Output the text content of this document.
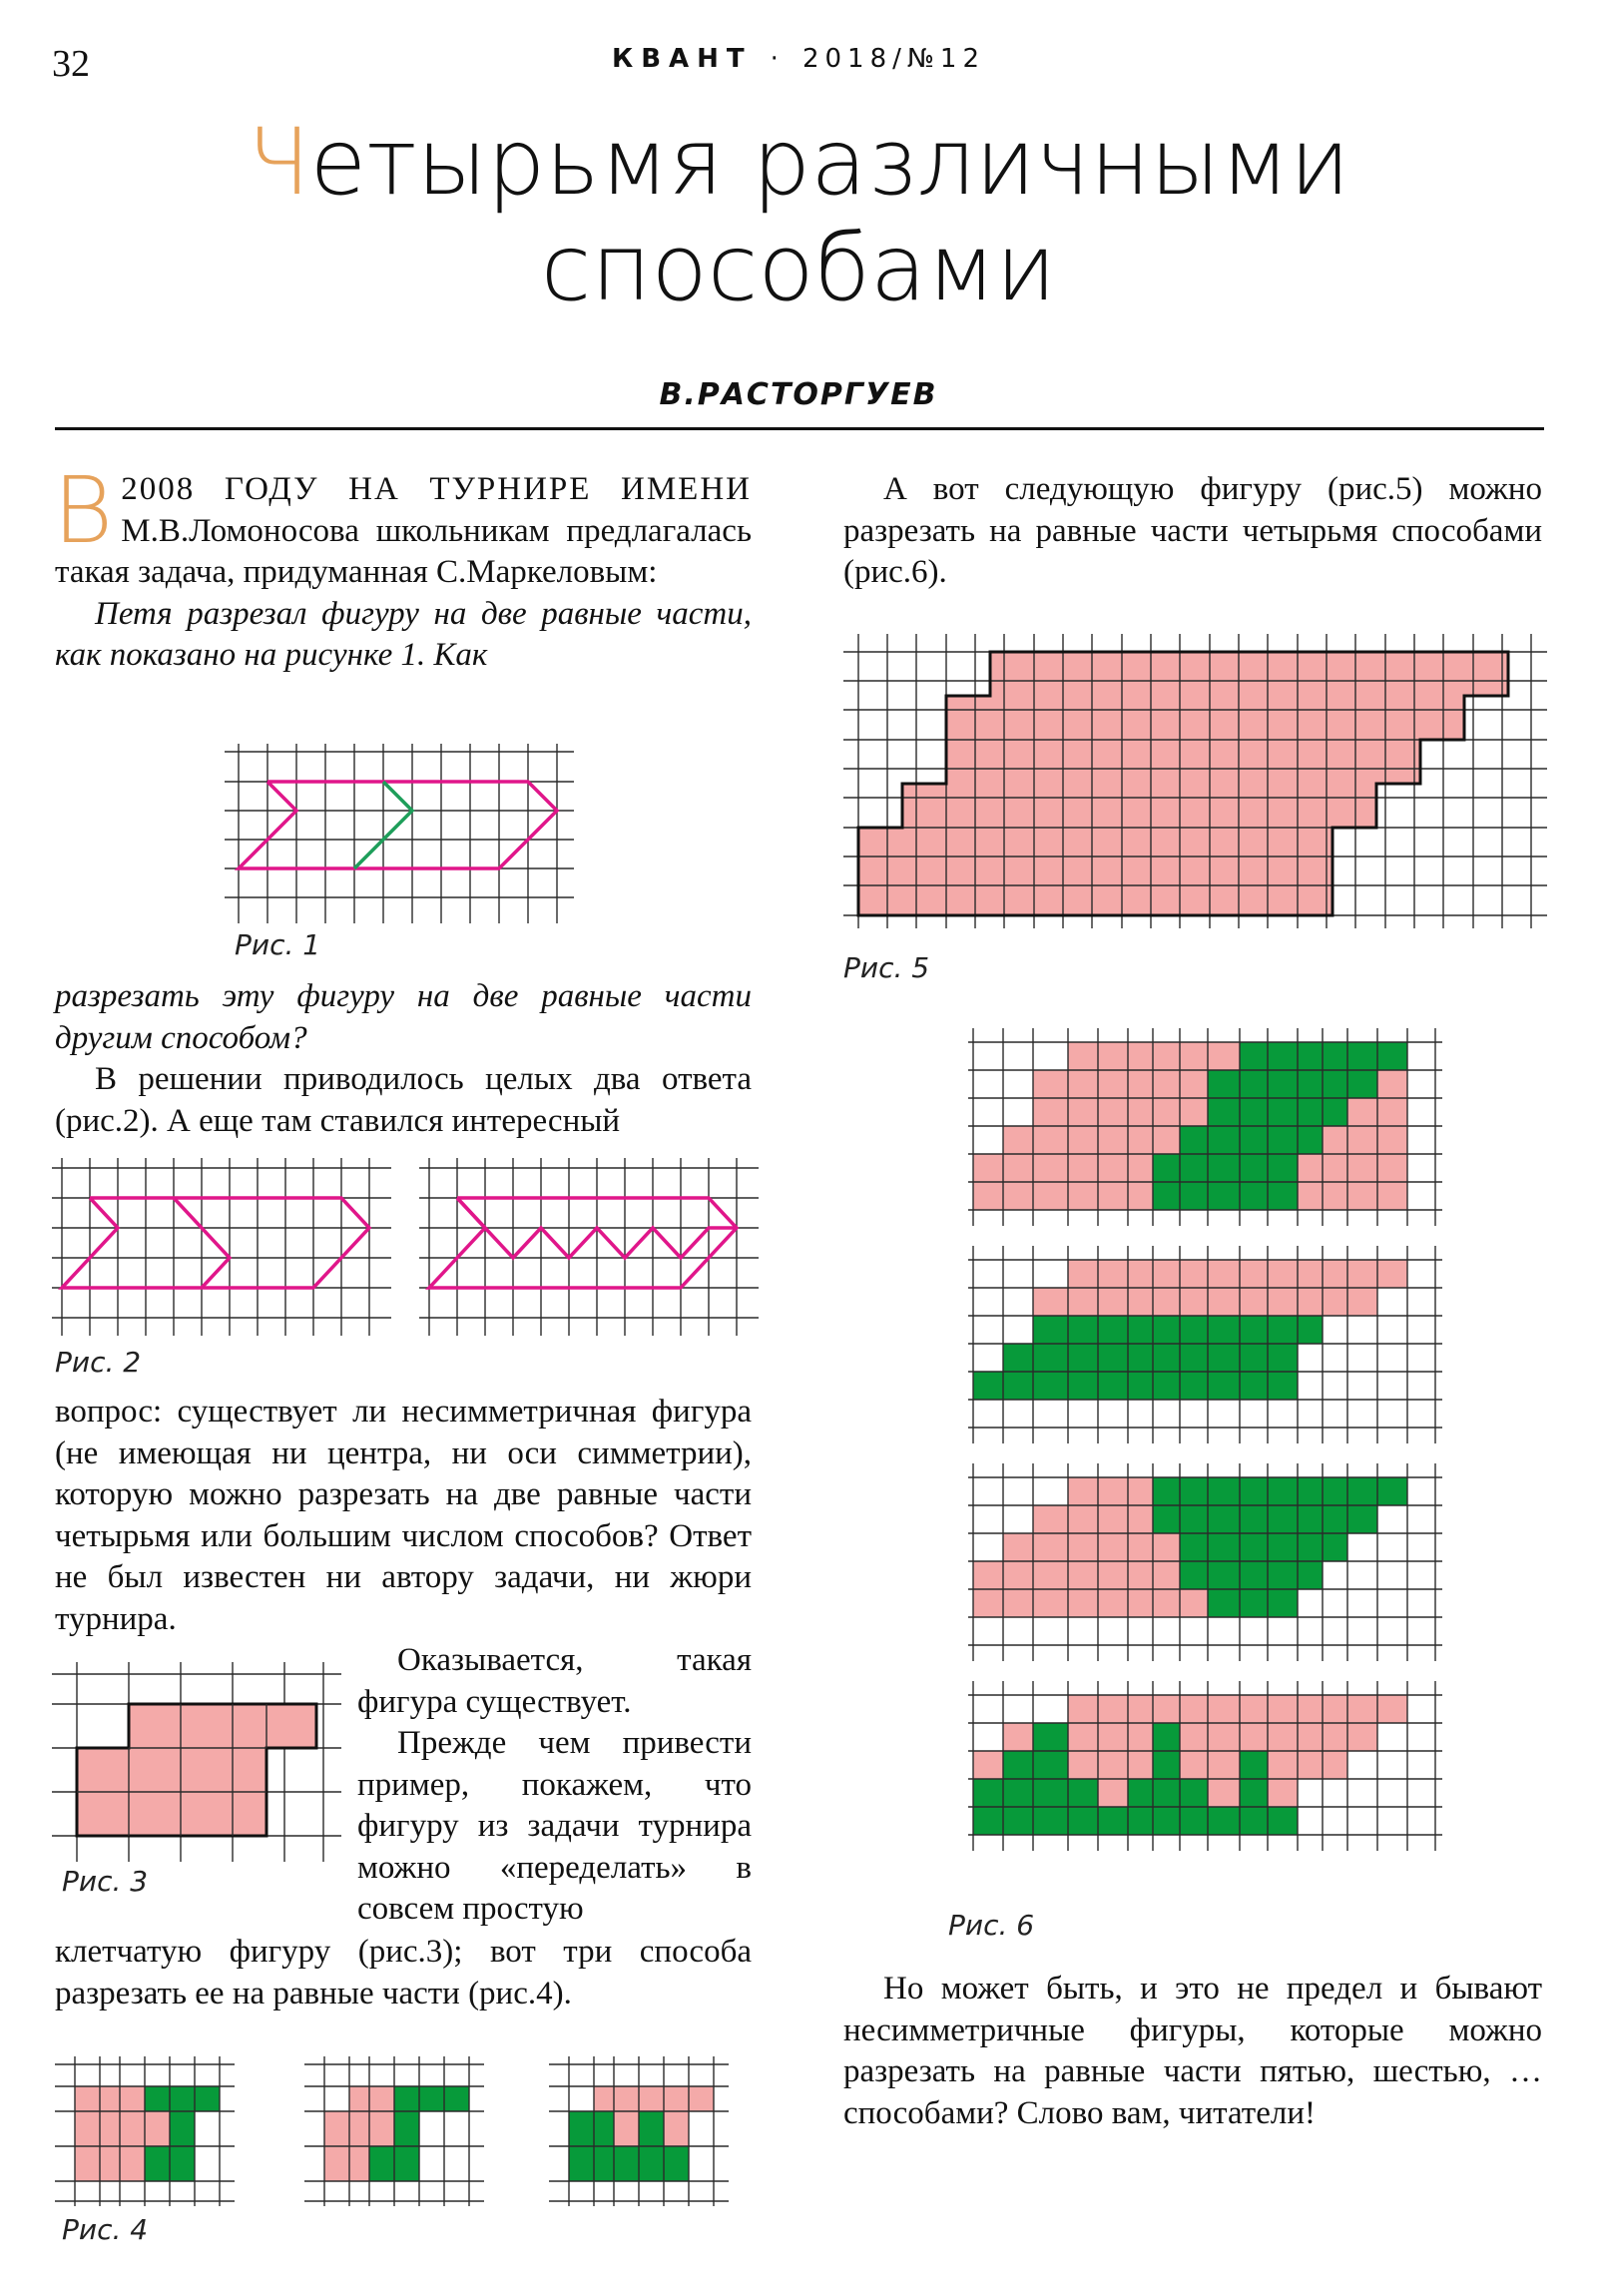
32	КВАНТ · 2018/№12
Четырьмя различными
способами
В.РАСТОРГУЕВ

В 2008 ГОДУ НА ТУРНИРЕ ИМЕНИ М.В.Ломоносова школьникам предлагалась такая задача, придуманная С.Маркеловым:

Петя разрезал фигуру на две равные части, как показано на рисунке 1. Как

разрезать эту фигуру на две равные части другим способом?

В решении приводилось целых два ответа (рис.2). А еще там ставился интересный

вопрос: существует ли несимметричная фигура (не имеющая ни центра, ни оси симметрии), которую можно разрезать на две равные части четырьмя или большим числом способов? Ответ не был известен ни автору задачи, ни жюри турнира.

Оказывается, такая фигура существует.

Прежде чем привести пример, покажем, что фигуру из задачи турнира можно «переделать» в совсем простую

клетчатую фигуру (рис.3); вот три способа разрезать ее на равные части (рис.4).

А вот следующую фигуру (рис.5) можно разрезать на равные части четырьмя способами (рис.6).

Но может быть, и это не предел и бывают несимметричные фигуры, которые можно разрезать на равные части пятью, шестью, … способами? Слово вам, читатели!

Рис. 1
Рис. 2
Рис. 3
Рис. 4
Рис. 5
Рис. 6
